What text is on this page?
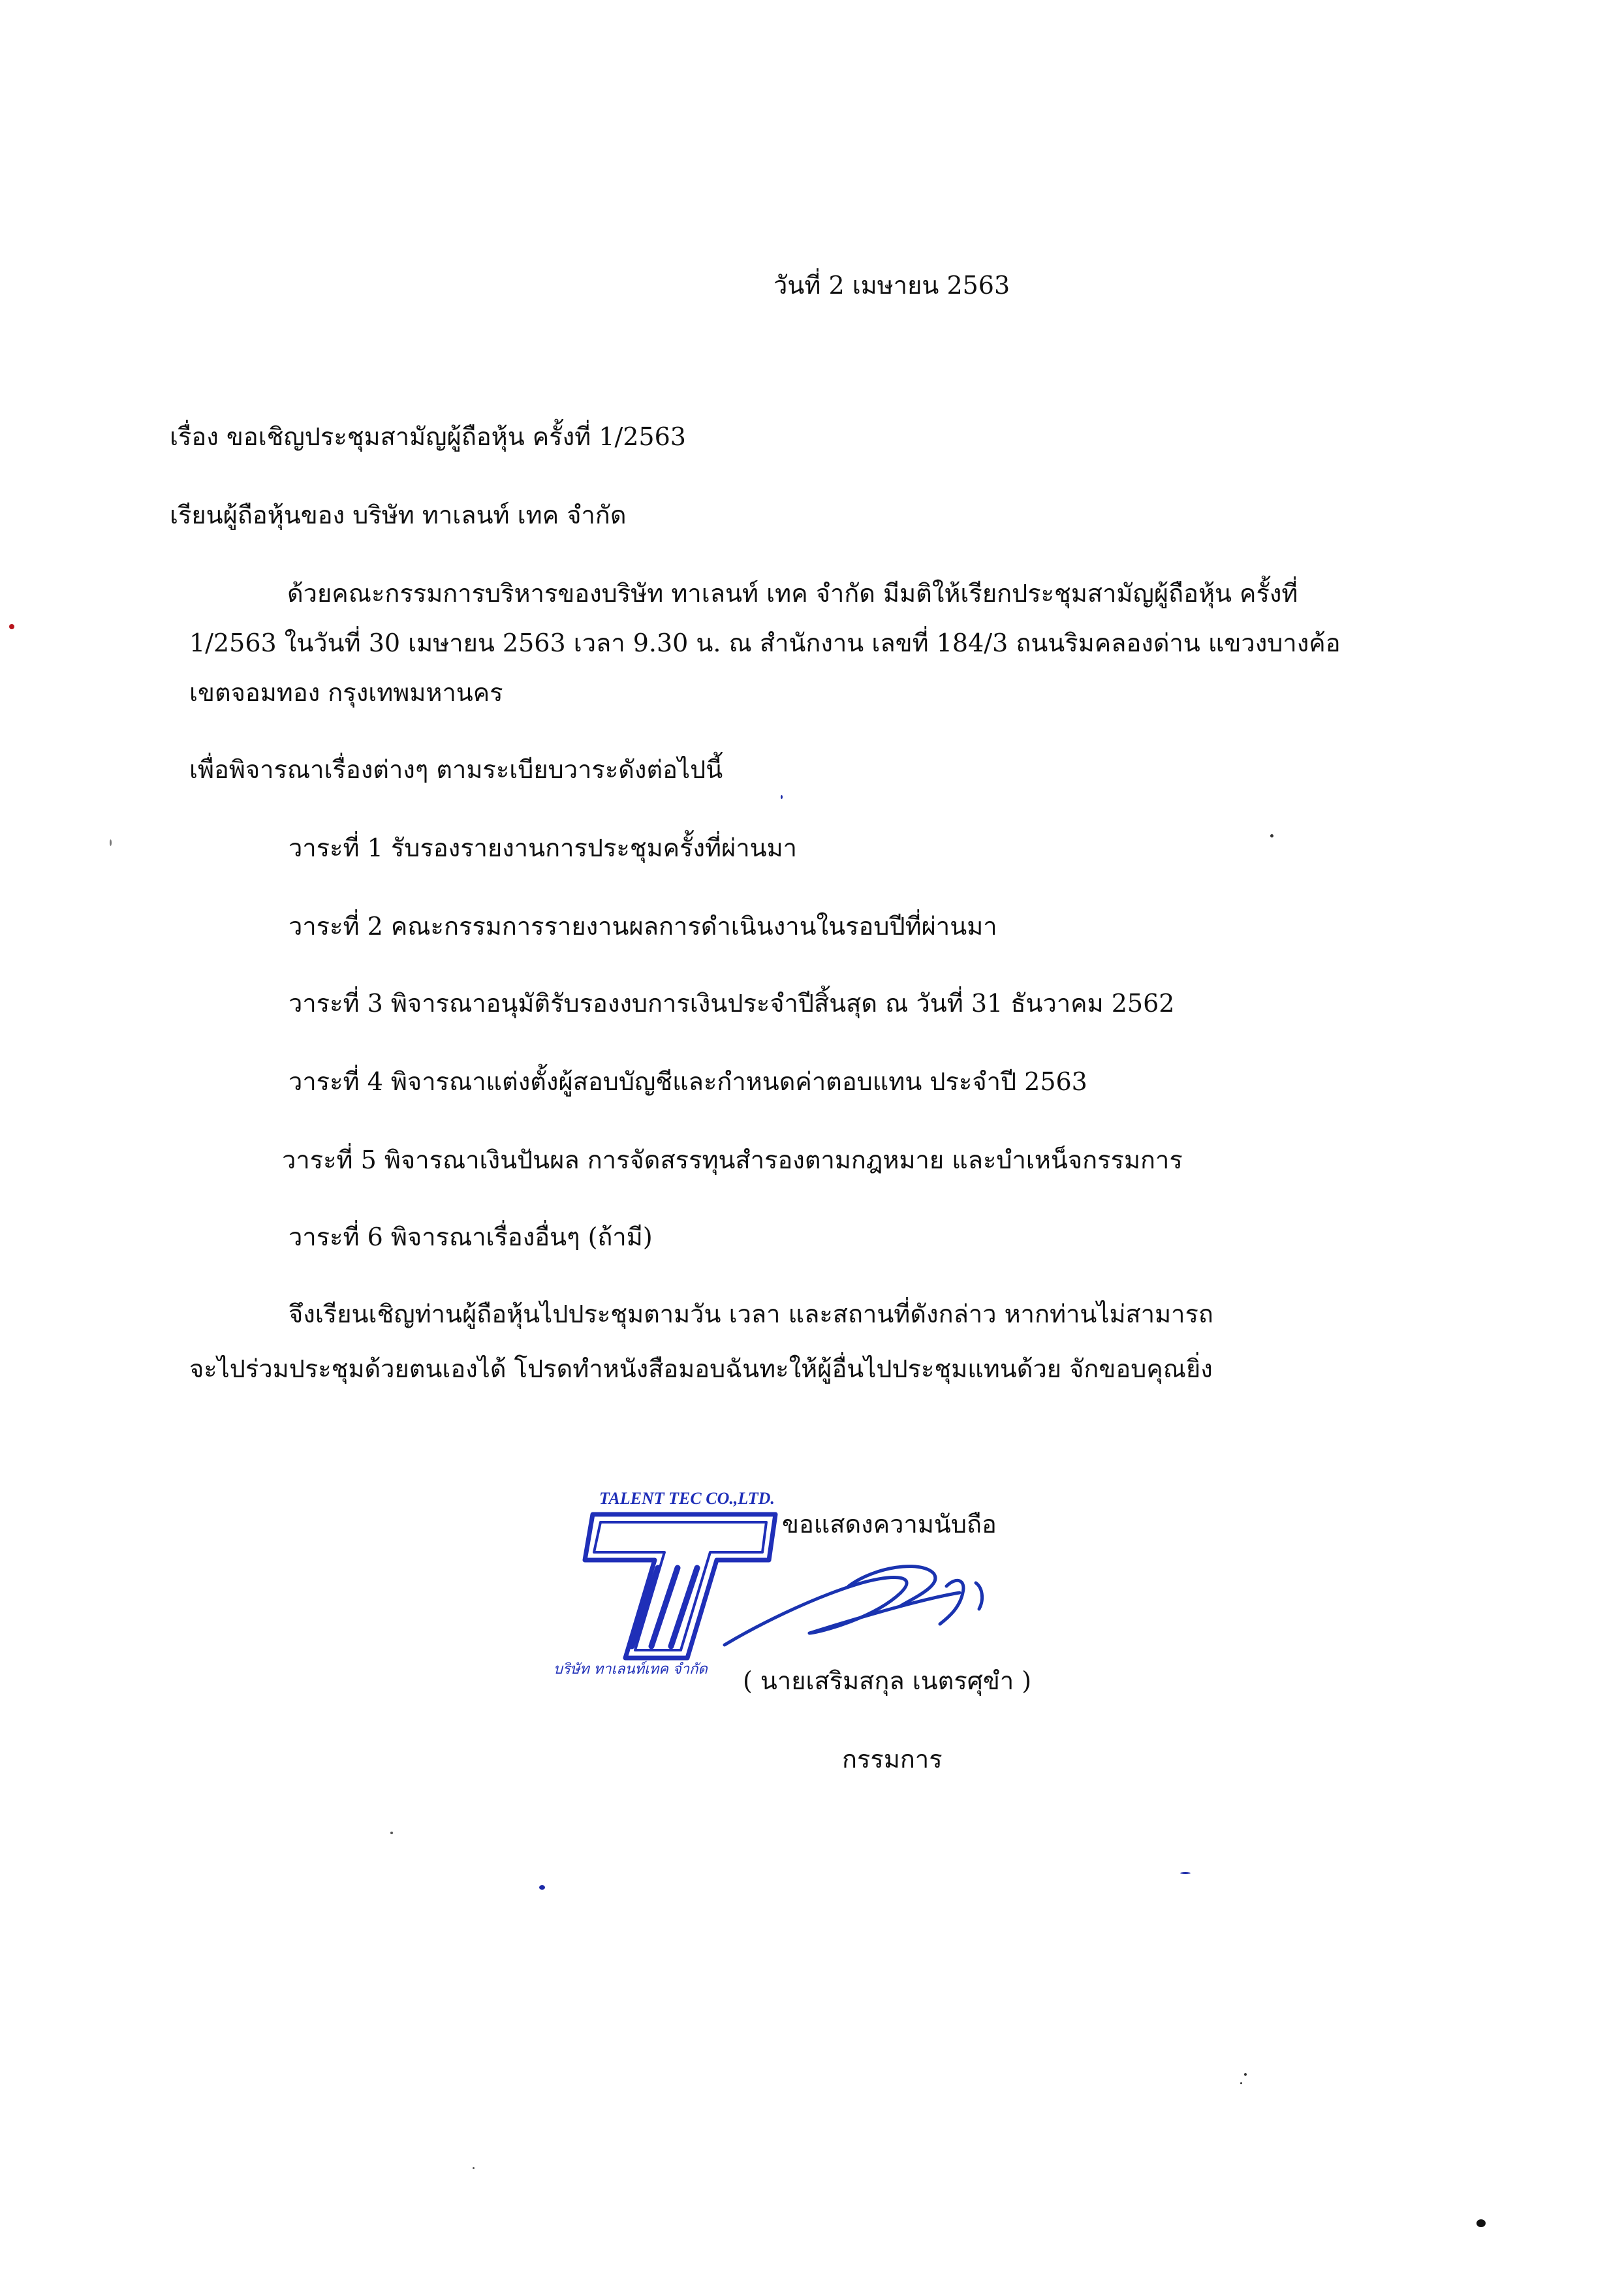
วันที่ 2 เมษายน 2563
เรื่อง ขอเชิญประชุมสามัญผู้ถือหุ้น ครั้งที่ 1/2563
เรียนผู้ถือหุ้นของ บริษัท ทาเลนท์ เทค จำกัด
ด้วยคณะกรรมการบริหารของบริษัท ทาเลนท์ เทค จำกัด มีมติให้เรียกประชุมสามัญผู้ถือหุ้น ครั้งที่
1/2563 ในวันที่ 30 เมษายน 2563 เวลา 9.30 น. ณ สำนักงาน เลขที่ 184/3 ถนนริมคลองด่าน แขวงบางค้อ
เขตจอมทอง กรุงเทพมหานคร
เพื่อพิจารณาเรื่องต่างๆ ตามระเบียบวาระดังต่อไปนี้
วาระที่ 1 รับรองรายงานการประชุมครั้งที่ผ่านมา
วาระที่ 2 คณะกรรมการรายงานผลการดำเนินงานในรอบปีที่ผ่านมา
วาระที่ 3 พิจารณาอนุมัติรับรองงบการเงินประจำปีสิ้นสุด ณ วันที่ 31 ธันวาคม 2562
วาระที่ 4 พิจารณาแต่งตั้งผู้สอบบัญชีและกำหนดค่าตอบแทน ประจำปี 2563
วาระที่ 5 พิจารณาเงินปันผล การจัดสรรทุนสำรองตามกฎหมาย และบำเหน็จกรรมการ
วาระที่ 6 พิจารณาเรื่องอื่นๆ (ถ้ามี)
จึงเรียนเชิญท่านผู้ถือหุ้นไปประชุมตามวัน เวลา และสถานที่ดังกล่าว หากท่านไม่สามารถ
จะไปร่วมประชุมด้วยตนเองได้ โปรดทำหนังสือมอบฉันทะให้ผู้อื่นไปประชุมแทนด้วย จักขอบคุณยิ่ง
TALENT TEC CO.,LTD.
บริษัท ทาเลนท์เทค จำกัด
ขอแสดงความนับถือ
( นายเสริมสกุล เนตรศุขำ )
กรรมการ
